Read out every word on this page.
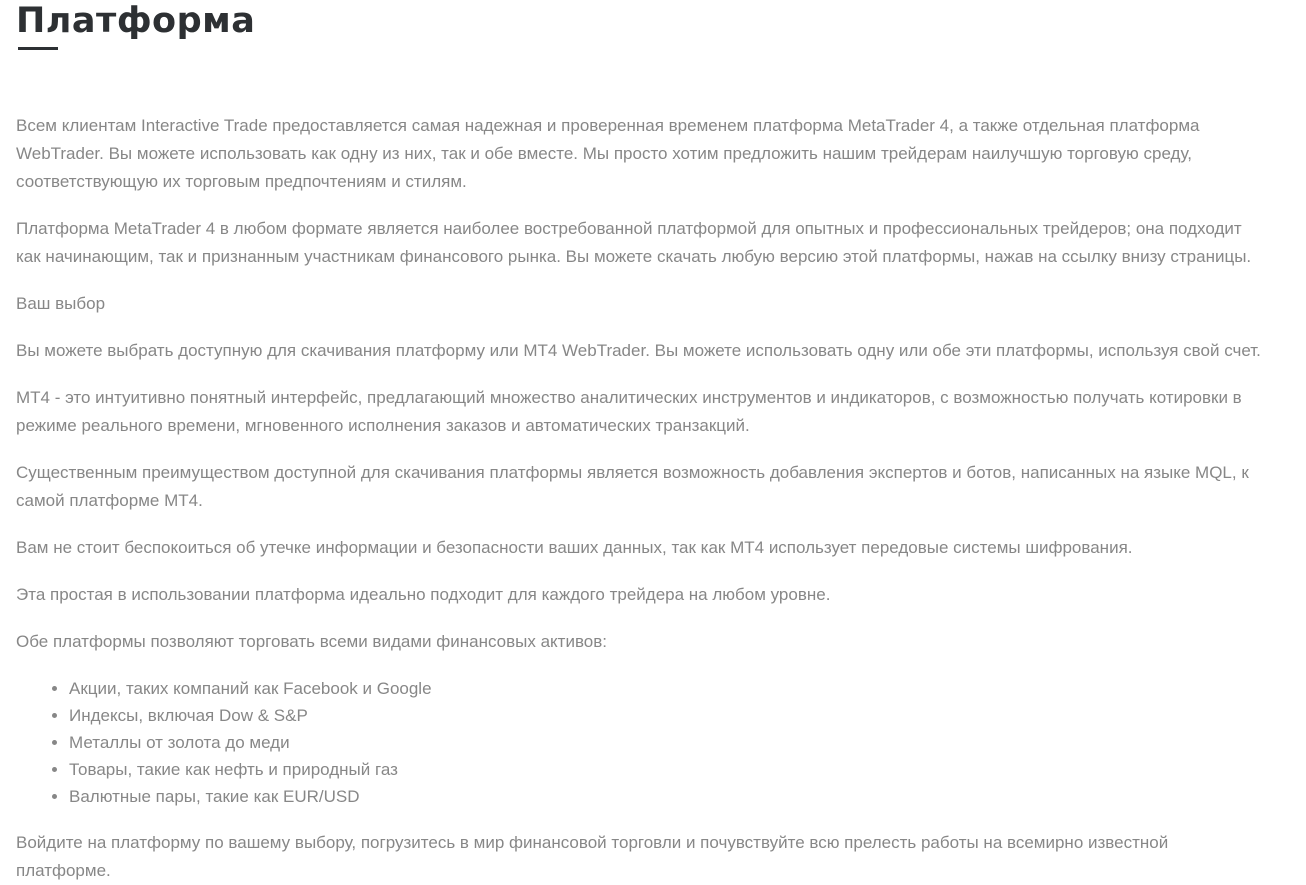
Платформа

Всем клиентам Interactive Trade предоставляется самая надежная и проверенная временем платформа MetaTrader 4, а также отдельная платформа WebTrader. Вы можете использовать как одну из них, так и обе вместе. Мы просто хотим предложить нашим трейдерам наилучшую торговую среду, соответствующую их торговым предпочтениям и стилям.

Платформа MetaTrader 4 в любом формате является наиболее востребованной платформой для опытных и профессиональных трейдеров; она подходит как начинающим, так и признанным участникам финансового рынка. Вы можете скачать любую версию этой платформы, нажав на ссылку внизу страницы.

Ваш выбор

Вы можете выбрать доступную для скачивания платформу или MT4 WebTrader. Вы можете использовать одну или обе эти платформы, используя свой счет.

MT4 - это интуитивно понятный интерфейс, предлагающий множество аналитических инструментов и индикаторов, с возможностью получать котировки в режиме реального времени, мгновенного исполнения заказов и автоматических транзакций.

Существенным преимуществом доступной для скачивания платформы является возможность добавления экспертов и ботов, написанных на языке MQL, к самой платформе MT4.

Вам не стоит беспокоиться об утечке информации и безопасности ваших данных, так как MT4 использует передовые системы шифрования.

Эта простая в использовании платформа идеально подходит для каждого трейдера на любом уровне.

Обе платформы позволяют торговать всеми видами финансовых активов:

• Акции, таких компаний как Facebook и Google
• Индексы, включая Dow & S&P
• Металлы от золота до меди
• Товары, такие как нефть и природный газ
• Валютные пары, такие как EUR/USD

Войдите на платформу по вашему выбору, погрузитесь в мир финансовой торговли и почувствуйте всю прелесть работы на всемирно известной платформе.
